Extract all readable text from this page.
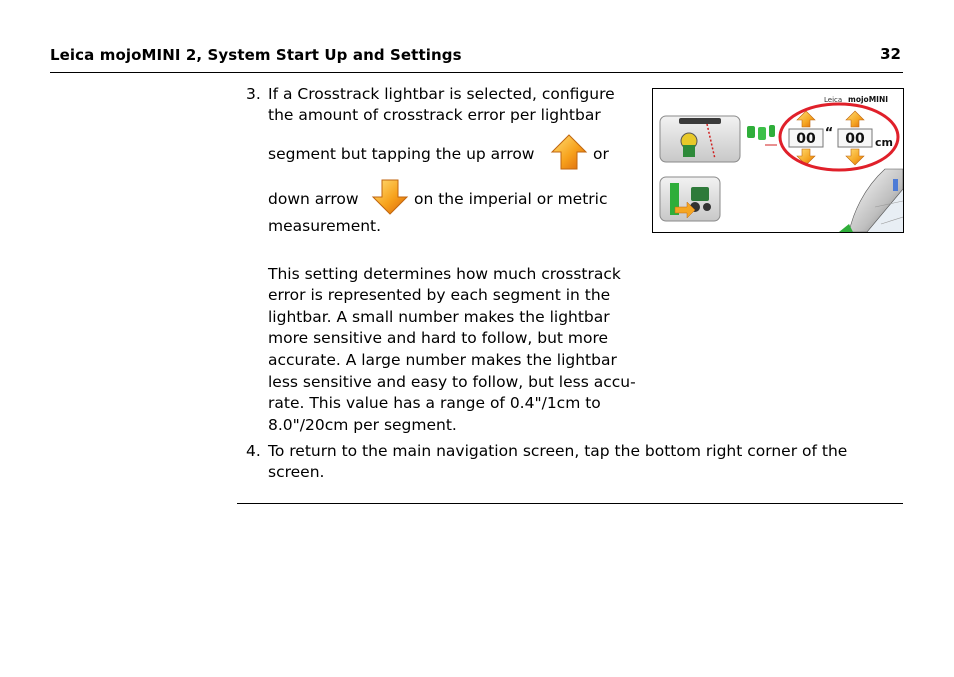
Leica mojoMINI 2, System Start Up and Settings	32
3. If a Crosstrack lightbar is selected, configure
the amount of crosstrack error per lightbar
segment but tapping the up arrow	or
down arrow	on the imperial or metric
measurement.
This setting determines how much crosstrack
error is represented by each segment in the
lightbar. A small number makes the lightbar
more sensitive and hard to follow, but more
accurate. A large number makes the lightbar
less sensitive and easy to follow, but less accu-
rate. This value has a range of 0.4"/1cm to
8.0"/20cm per segment.
4. To return to the main navigation screen, tap the bottom right corner of the
screen.
00 “ 00 cm
Leica mojoMINI
